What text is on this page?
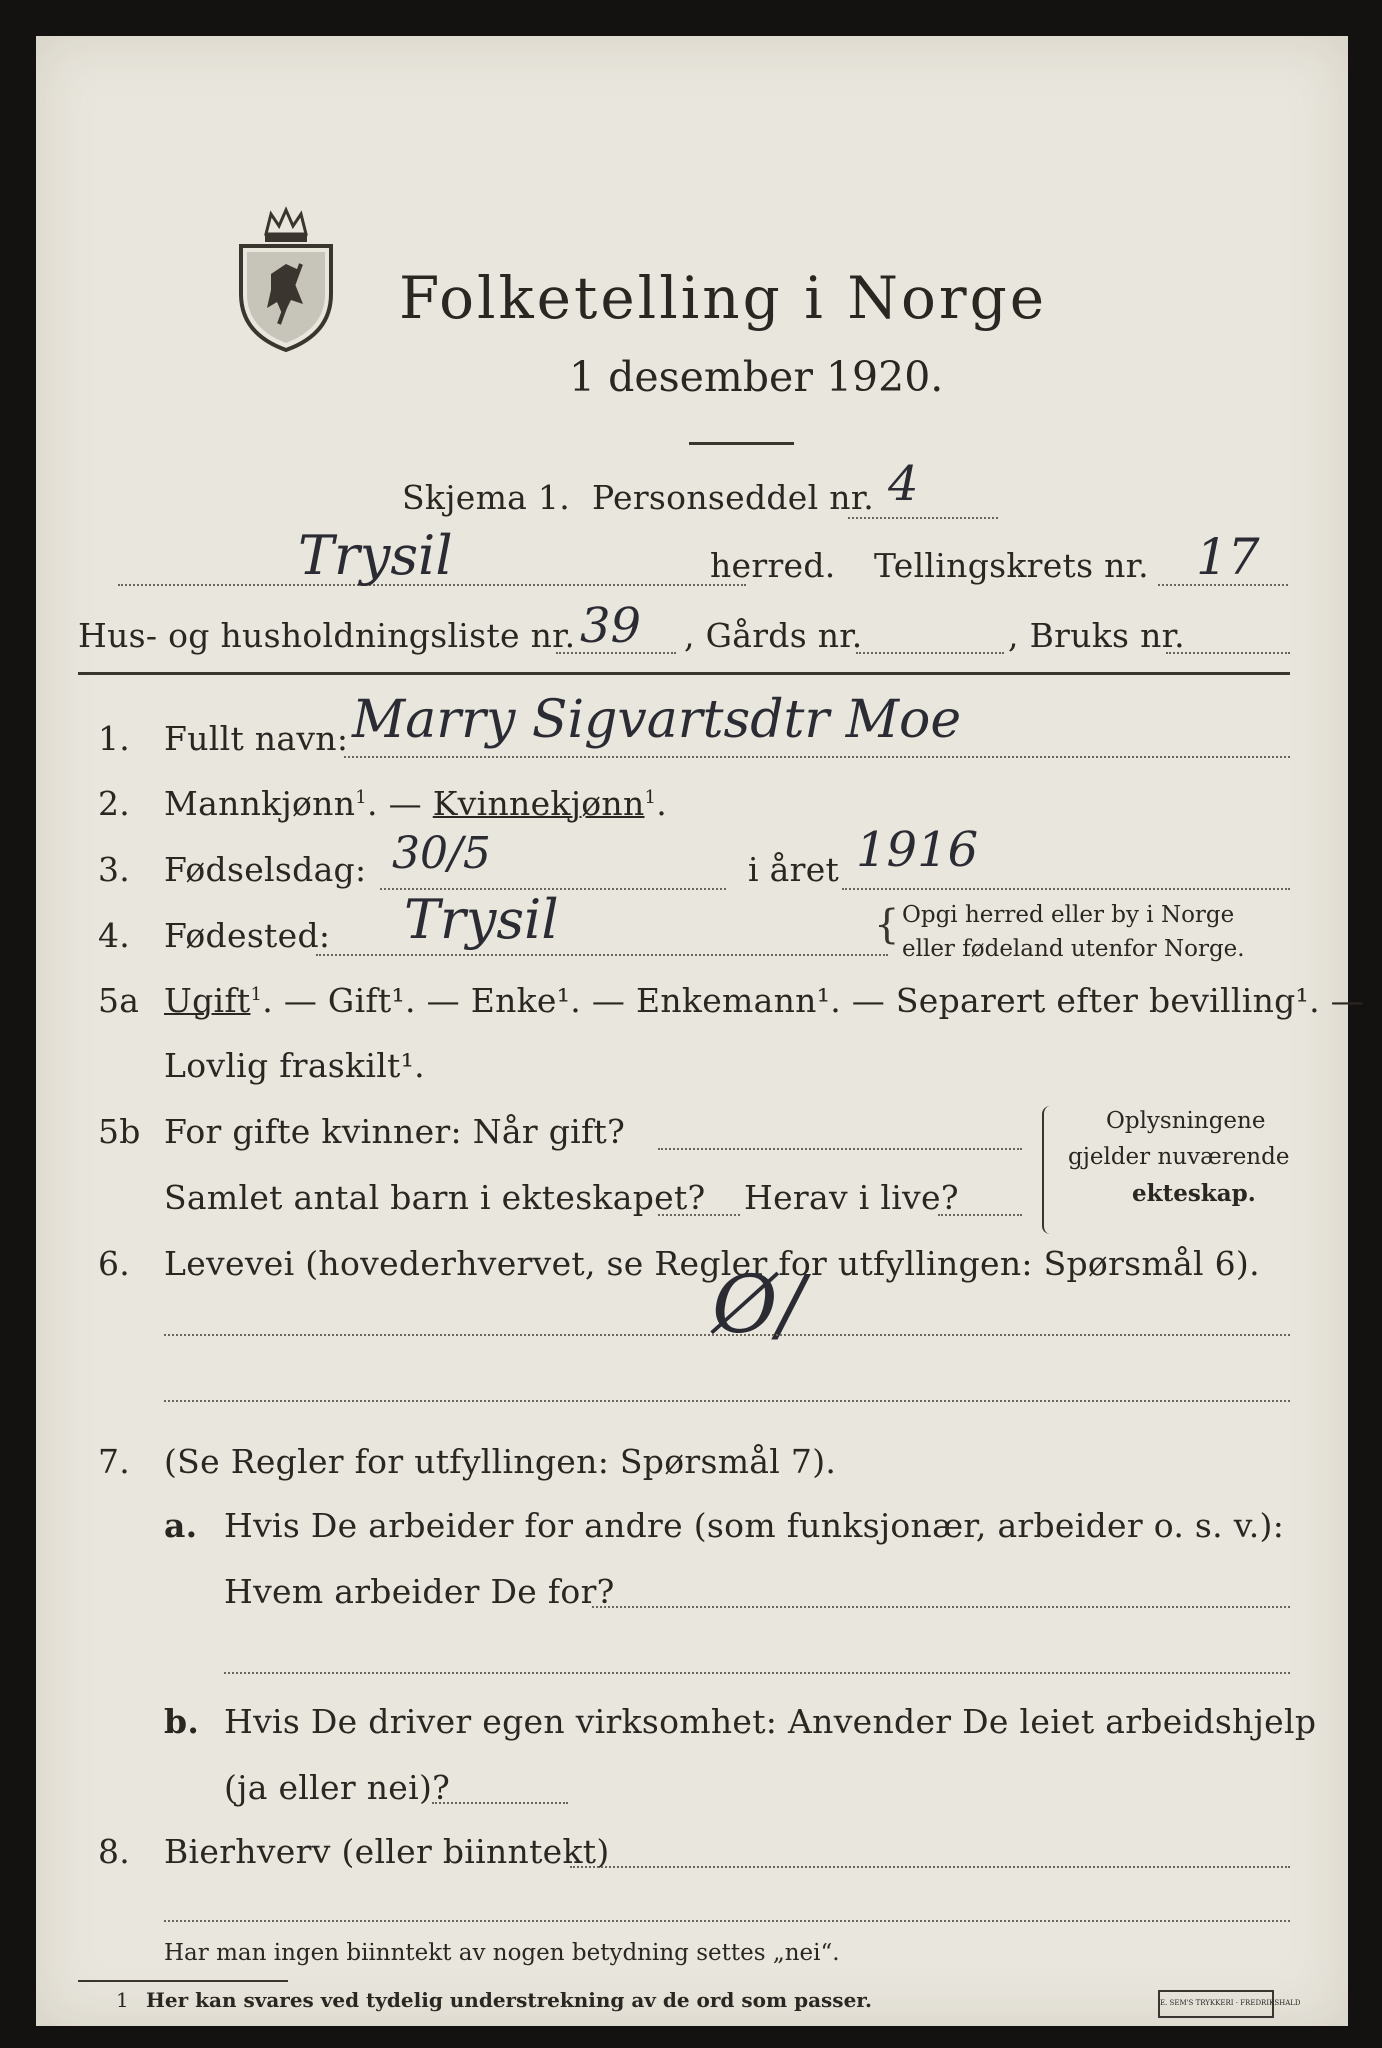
Folketelling i Norge
1 desember 1920.
Skjema 1. Personseddel nr. 4
Trysil	herred. Tellingskrets nr. 17
Hus- og husholdningsliste nr. 39 , Gårds nr.	, Bruks nr.
1.	Fullt navn: Marry Sigvartsdtr Moe
2.	Mannkjønn$^1$. — Kvinnekjønn$^1$.
3.	Fødselsdag: 30/5	i året 1916
4.	Fødested: Trysil	{ Opgi herred eller by i Norge
eller fødeland utenfor Norge.
5a Ugift$^1$. — Gift¹. — Enke¹. — Enkemann¹. — Separert efter bevilling¹. —
Lovlig fraskilt¹.
5b For gifte kvinner: Når gift?
Samlet antal barn i ekteskapet? Herav i live?
Oplysningene
gjelder nuværende
ekteskap.
6.	Levevei (hovederhvervet, se Regler for utfyllingen: Spørsmål 6).
Ø/
7.	(Se Regler for utfyllingen: Spørsmål 7).
a. Hvis De arbeider for andre (som funksjonær, arbeider o. s. v.):
Hvem arbeider De for?
b. Hvis De driver egen virksomhet: Anvender De leiet arbeidshjelp
(ja eller nei)?
8.	Bierhverv (eller biinntekt)
Har man ingen biinntekt av nogen betydning settes „nei“.
1 Her kan svares ved tydelig understrekning av de ord som passer.	E. SEM'S TRYKKERI · FREDRIKSHALD
